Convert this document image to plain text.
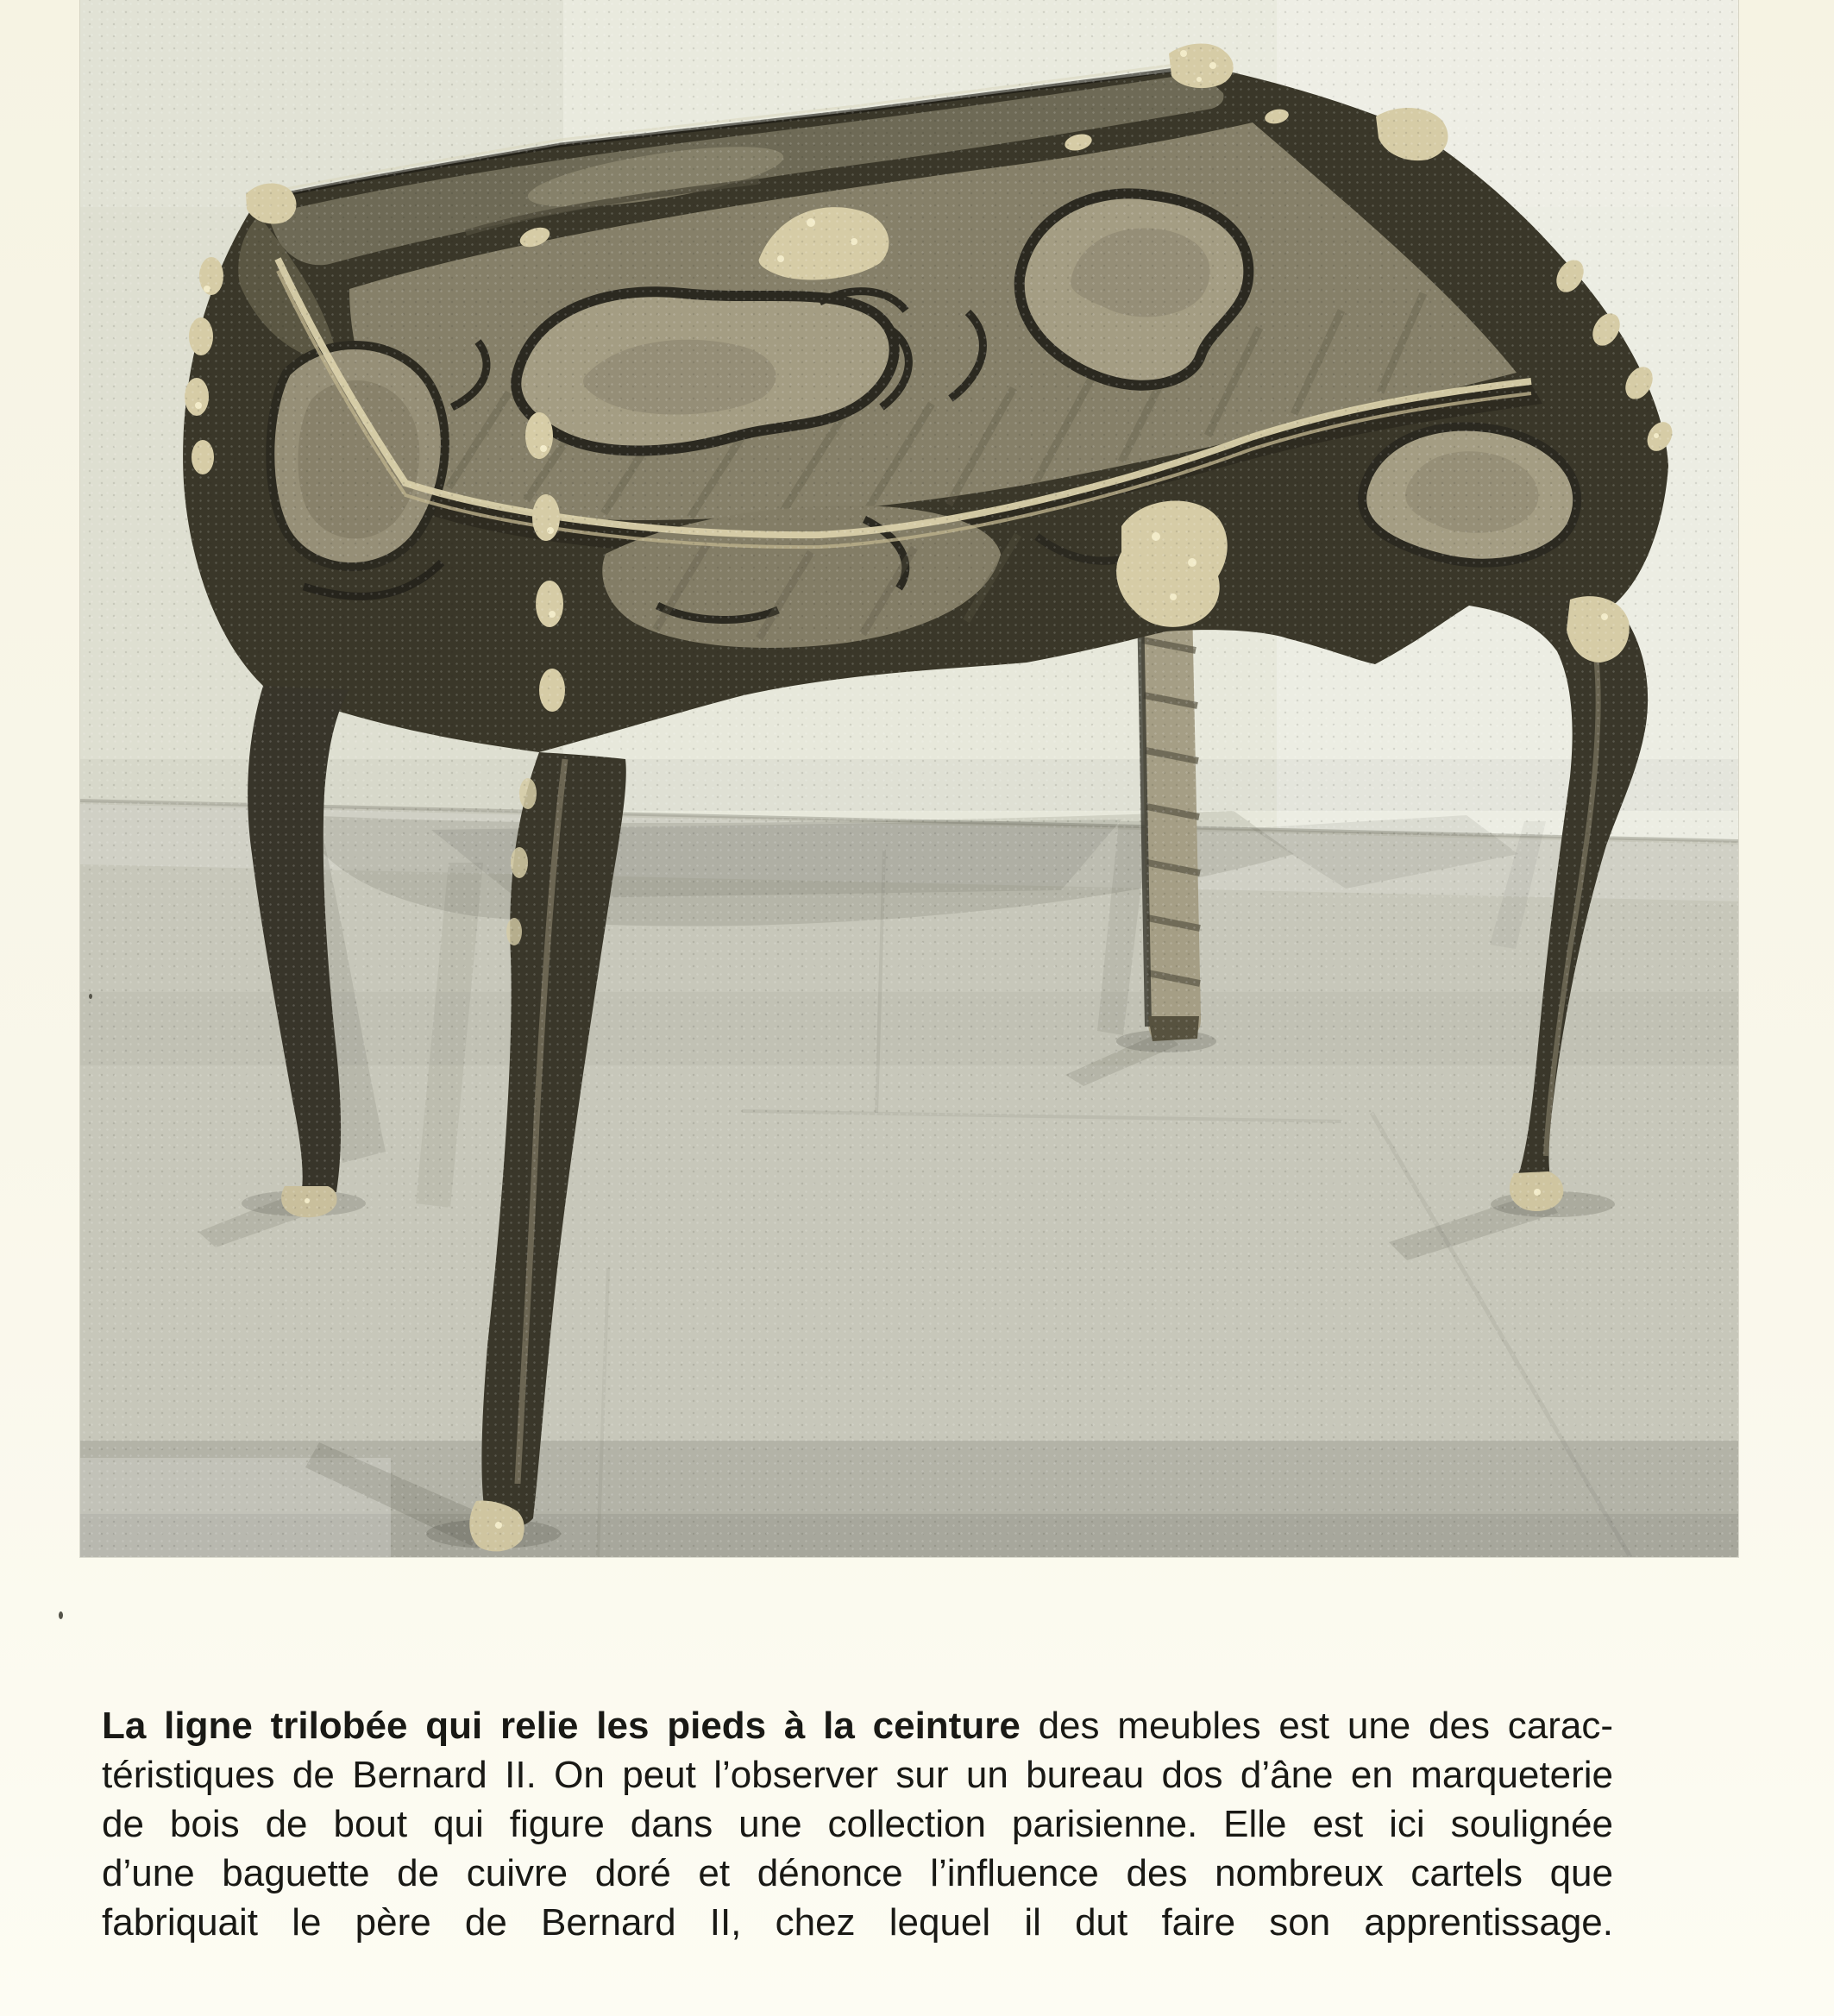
La ligne trilobée qui relie les pieds à la ceinture des meubles est une des carac-

téristiques de Bernard II. On peut l’observer sur un bureau dos d’âne en marqueterie

de bois de bout qui figure dans une collection parisienne. Elle est ici soulignée

d’une baguette de cuivre doré et dénonce l’influence des nombreux cartels que

fabriquait le père de Bernard II, chez lequel il dut faire son apprentissage.
